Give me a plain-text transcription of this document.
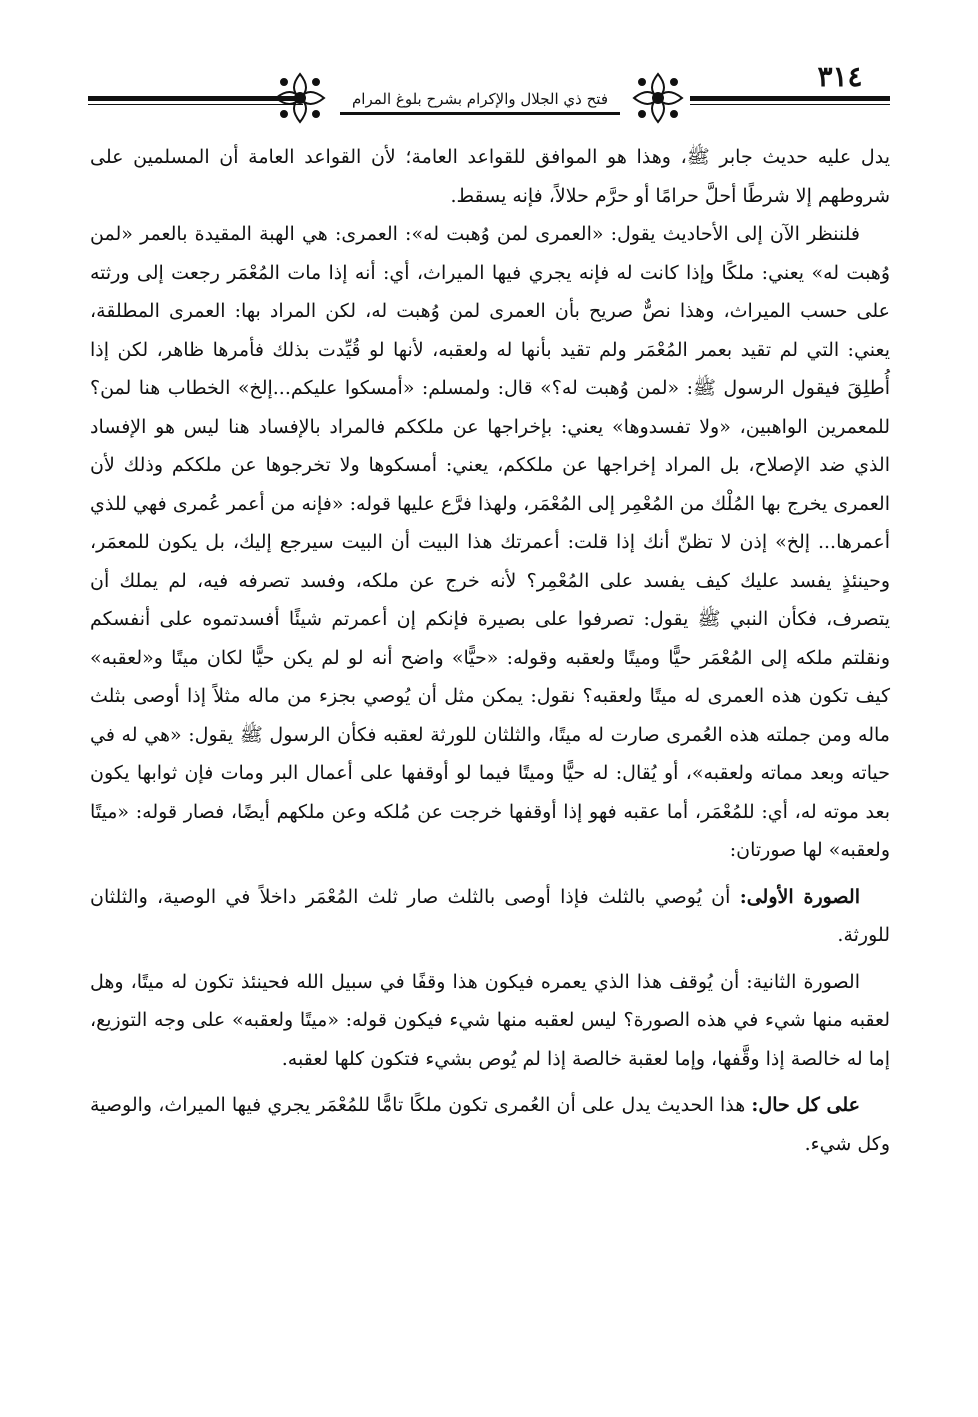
فتح ذي الجلال والإكرام بشرح بلوغ المرام
٣١٤

يدل عليه حديث جابر ﷺ، وهذا هو الموافق للقواعد العامة؛ لأن القواعد العامة أن المسلمين على شروطهم إلا شرطًا أحلَّ حرامًا أو حرَّم حلالاً، فإنه يسقط.

فلننظر الآن إلى الأحاديث يقول: «العمرى لمن وُهبت له»: العمرى: هي الهبة المقيدة بالعمر «لمن وُهبت له» يعني: ملكًا وإذا كانت له فإنه يجري فيها الميراث، أي: أنه إذا مات المُعْمَر رجعت إلى ورثته على حسب الميراث، وهذا نصٌّ صريح بأن العمرى لمن وُهبت له، لكن المراد بها: العمرى المطلقة، يعني: التي لم تقيد بعمر المُعْمَر ولم تقيد بأنها له ولعقبه، لأنها لو قُيِّدت بذلك فأمرها ظاهر، لكن إذا أُطلِقَ فيقول الرسول ﷺ: «لمن وُهبت له؟» قال: ولمسلم: «أمسكوا عليكم...إلخ» الخطاب هنا لمن؟ للمعمرين الواهبين، «ولا تفسدوها» يعني: بإخراجها عن ملككم فالمراد بالإفساد هنا ليس هو الإفساد الذي ضد الإصلاح، بل المراد إخراجها عن ملككم، يعني: أمسكوها ولا تخرجوها عن ملككم وذلك لأن العمرى يخرج بها المُلْك من المُعْمِر إلى المُعْمَر، ولهذا فرَّع عليها قوله: «فإنه من أعمر عُمرى فهي للذي أعمرها... إلخ» إذن لا تظنّ أنك إذا قلت: أعمرتك هذا البيت أن البيت سيرجع إليك، بل يكون للمعمَر، وحينئذٍ يفسد عليك كيف يفسد على المُعْمِر؟ لأنه خرج عن ملكه، وفسد تصرفه فيه، لم يملك أن يتصرف، فكأن النبي ﷺ يقول: تصرفوا على بصيرة فإنكم إن أعمرتم شيئًا أفسدتموه على أنفسكم ونقلتم ملكه إلى المُعْمَر حيًّا وميتًا ولعقبه وقوله: «حيًّا» واضح أنه لو لم يكن حيًّا لكان ميتًا و«لعقبه» كيف تكون هذه العمرى له ميتًا ولعقبه؟ نقول: يمكن مثل أن يُوصي بجزء من ماله مثلاً إذا أوصى بثلث ماله ومن جملته هذه العُمرى صارت له ميتًا، والثلثان للورثة لعقبه فكأن الرسول ﷺ يقول: «هي له في حياته وبعد مماته ولعقبه»، أو يُقال: له حيًّا وميتًا فيما لو أوقفها على أعمال البر ومات فإن ثوابها يكون بعد موته له، أي: للمُعْمَر، أما عقبه فهو إذا أوقفها خرجت عن مُلكه وعن ملكهم أيضًا، فصار قوله: «ميتًا ولعقبه» لها صورتان:

الصورة الأولى: أن يُوصي بالثلث فإذا أوصى بالثلث صار ثلث المُعْمَر داخلاً في الوصية، والثلثان للورثة.

الصورة الثانية: أن يُوقف هذا الذي يعمره فيكون هذا وقفًا في سبيل الله فحينئذ تكون له ميتًا، وهل لعقبه منها شيء في هذه الصورة؟ ليس لعقبه منها شيء فيكون قوله: «ميتًا ولعقبه» على وجه التوزيع، إما له خالصة إذا وقَّفها، وإما لعقبة خالصة إذا لم يُوص بشيء فتكون كلها لعقبه.

على كل حال: هذا الحديث يدل على أن العُمرى تكون ملكًا تامًّا للمُعْمَر يجري فيها الميراث، والوصية وكل شيء.
